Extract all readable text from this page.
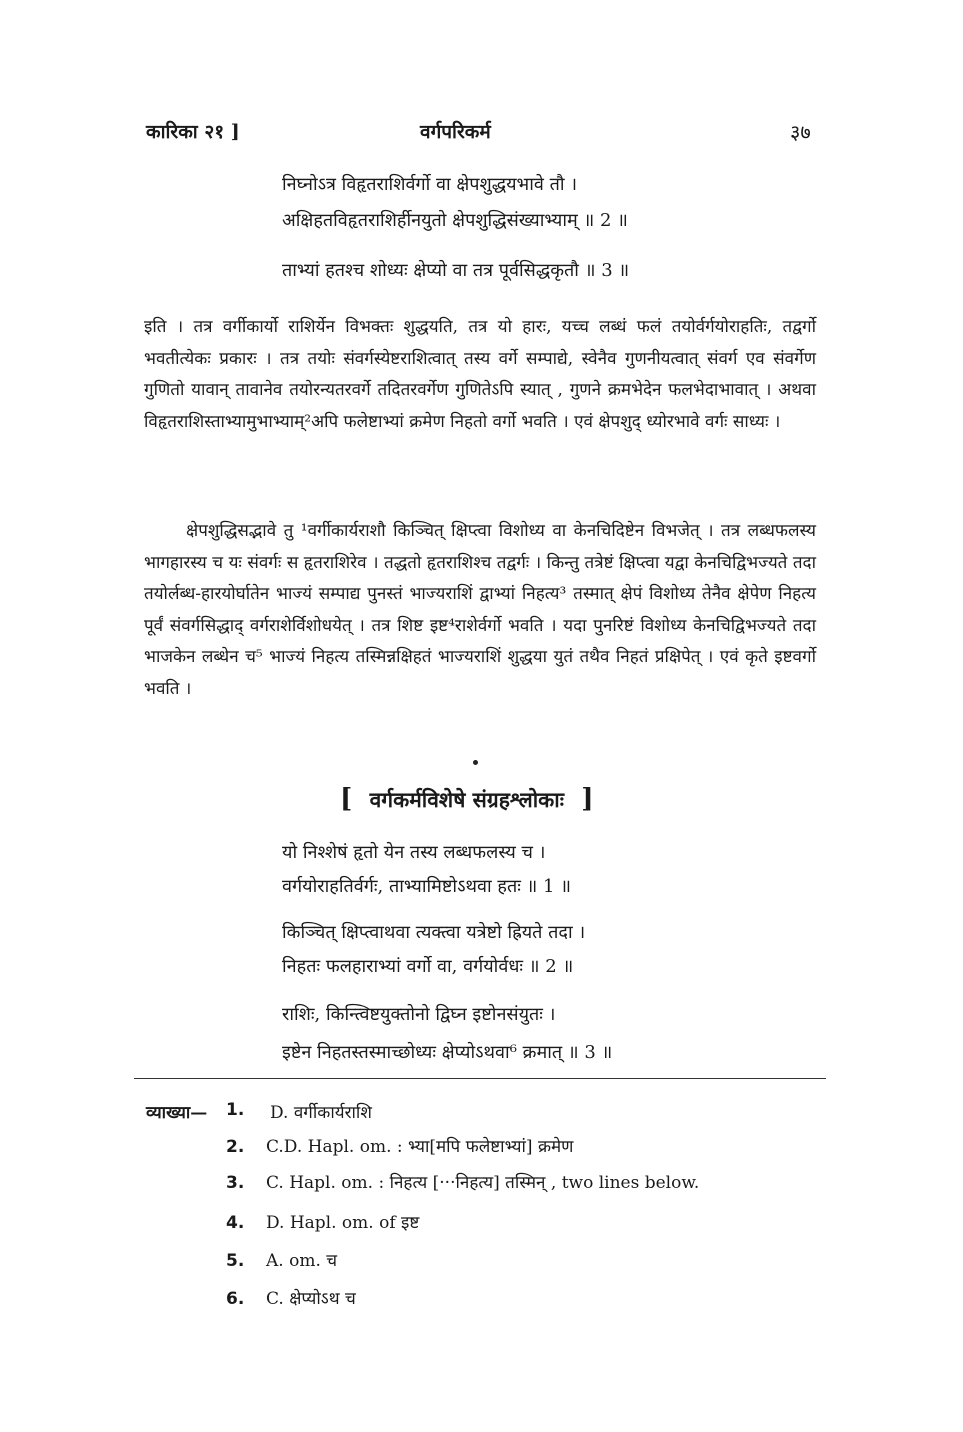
कारिका २१ ]	वर्गपरिकर्म	३७
निघ्नोऽत्र विहृतराशिर्वर्गो वा क्षेपशुद्धयभावे तौ ।
अक्षिहतविहृतराशिर्हीनयुतो क्षेपशुद्धिसंख्याभ्याम् ॥ 2 ॥
ताभ्यां हतश्च शोध्यः क्षेप्यो वा तत्र पूर्वसिद्धकृतौ ॥ 3 ॥

इति । तत्र वर्गीकार्यो राशिर्येन विभक्तः शुद्धयति, तत्र यो हारः, यच्च लब्धं फलं तयोर्वर्गयोराहतिः, तद्वर्गो भवतीत्येकः प्रकारः । तत्र तयोः संवर्गस्येष्टराशित्वात् तस्य वर्गे सम्पाद्ये, स्वेनैव गुणनीयत्वात् संवर्ग एव संवर्गेण गुणितो यावान् तावानेव तयोरन्यतरवर्गे तदितरवर्गेण गुणितेऽपि स्यात् , गुणने क्रमभेदेन फलभेदाभावात् । अथवा विहृतराशिस्ताभ्यामुभाभ्याम्²अपि फलेष्टाभ्यां क्रमेण निहतो वर्गो भवति । एवं क्षेपशुद् ध्योरभावे वर्गः साध्यः ।

क्षेपशुद्धिसद्भावे तु ¹वर्गीकार्यराशौ किञ्चित् क्षिप्त्वा विशोध्य वा केनचिदिष्टेन विभजेत् । तत्र लब्धफलस्य भागहारस्य च यः संवर्गः स हृतराशिरेव । तद्धतो हृतराशिश्च तद्वर्गः । किन्तु तत्रेष्टं क्षिप्त्वा यद्वा केनचिद्विभज्यते तदा तयोर्लब्ध-हारयोर्घातेन भाज्यं सम्पाद्य पुनस्तं भाज्यराशिं द्वाभ्यां निहत्य³ तस्मात् क्षेपं विशोध्य तेनैव क्षेपेण निहत्य पूर्वं संवर्गसिद्धाद् वर्गराशेर्विशोधयेत् । तत्र शिष्ट इष्ट⁴राशेर्वर्गो भवति । यदा पुनरिष्टं विशोध्य केनचिद्विभज्यते तदा भाजकेन लब्धेन च⁵ भाज्यं निहत्य तस्मिन्नक्षिहतं भाज्यराशिं शुद्धया युतं तथैव निहतं प्रक्षिपेत् । एवं कृते इष्टवर्गो भवति ।

[ वर्गकर्मविशेषे संग्रहश्लोकाः ]
यो निश्शेषं हृतो येन तस्य लब्धफलस्य च ।
वर्गयोराहतिर्वर्गः, ताभ्यामिष्टोऽथवा हतः ॥ 1 ॥
किञ्चित् क्षिप्त्वाथवा त्यक्त्वा यत्रेष्टो ह्रियते तदा ।
निहतः फलहाराभ्यां वर्गो वा, वर्गयोर्वधः ॥ 2 ॥
राशिः, किन्त्विष्टयुक्तोनो द्विघ्न इष्टोनसंयुतः ।
इष्टेन निहतस्तस्माच्छोध्यः क्षेप्योऽथवा⁶ क्रमात् ॥ 3 ॥
व्याख्या—	D. वर्गीकार्यराशि
1.
2. C.D. Hapl. om. : भ्या[मपि फलेष्टाभ्यां] क्रमेण
3. C. Hapl. om. : निहत्य [···निहत्य] तस्मिन् , two lines below.
4. D. Hapl. om. of इष्ट
5. A. om. च
6. C. क्षेप्योऽथ च
